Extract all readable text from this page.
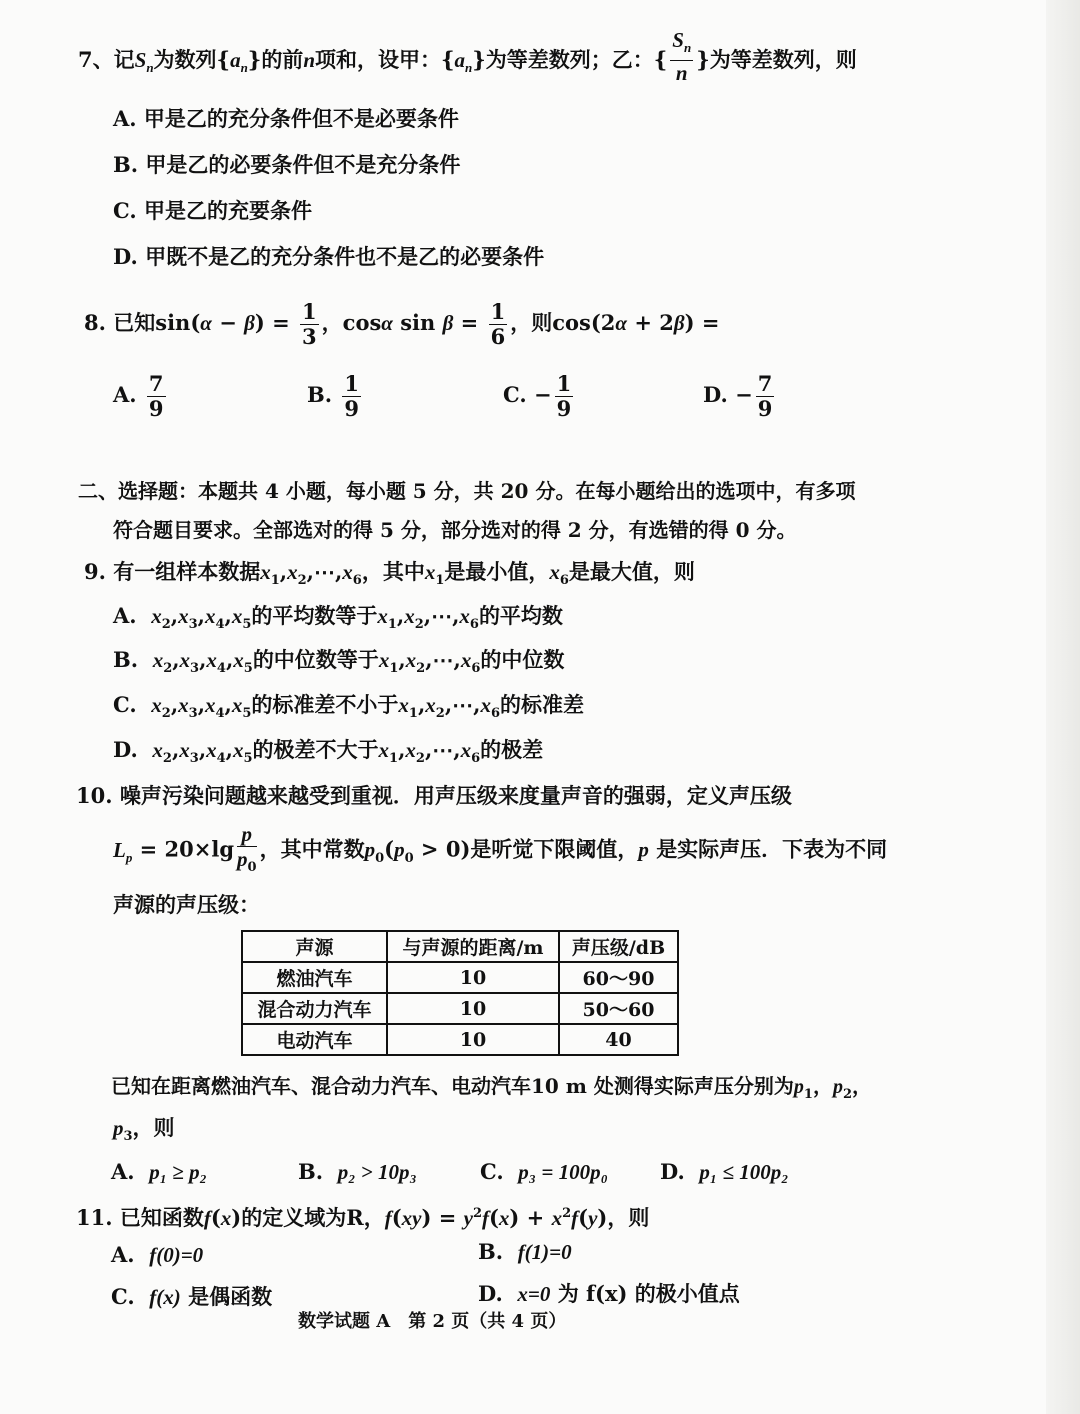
7、记$S_n$为数列$\{a_n\}$的前n项和，设甲：$\{a_n\}$为等差数列；乙：{ $\frac{S_n}{n}$ }为等差数列，则
A. 甲是乙的充分条件但不是必要条件
B. 甲是乙的必要条件但不是充分条件
C. 甲是乙的充要条件
D. 甲既不是乙的充分条件也不是乙的必要条件
8. 已知$\sin(\alpha - \beta) = \frac{1}{3}$ ，cosα $\sin \beta = \frac{1}{6}$ ，则cos(2α + 2β) =
A. $\frac{7}{9}$	B. $\frac{1}{9}$	C. − $\frac{1}{9}$	D. − $\frac{7}{9}$
二、选择题：本题共 4 小题，每小题 5 分，共 20 分。在每小题给出的选项中，有多项
符合题目要求。全部选对的得 5 分，部分选对的得 2 分，有选错的得 0 分。
9. 有一组样本数据$x_1,x_2,\cdots,x_6$，其中$x_1$是最小值，$x_6$是最大值，则
A. $x_2,x_3,x_4,x_5$的平均数等于$x_1,x_2,\cdots,x_6$的平均数
B. $x_2,x_3,x_4,x_5$的中位数等于$x_1,x_2,\cdots,x_6$的中位数
C. $x_2,x_3,x_4,x_5$的标准差不小于$x_1,x_2,\cdots,x_6$的标准差
D. $x_2,x_3,x_4,x_5$的极差不大于$x_1,x_2,\cdots,x_6$的极差
10. 噪声污染问题越来越受到重视．用声压级来度量声音的强弱，定义声压级
$L_p = 20\times\lg \frac{p}{p_0}$ ，其中常数$p_0(p_0 > 0)$是听觉下限阈值，p 是实际声压．下表为不同
声源的声压级：
声源	与声源的距离/m	声压级/dB
燃油汽车	10	60～90
混合动力汽车	10	50～60
电动汽车	10	40
已知在距离燃油汽车、混合动力汽车、电动汽车10 m 处测得实际声压分别为$p_1$，$p_2$，
$p_3$，则
A. p₁ ≥ p₂	B. p₂ > 10p₃	C. p₃ = 100p₀ D. p₁ ≤ 100p₂
11. 已知函数f(x)的定义域为R，$f(xy) = y^2f(x) + x^2f(y)$，则
A. f(0)=0	B. f(1)=0
C. f(x) 是偶函数	D. x=0 为 f(x) 的极小值点
数学试题 A　第 2 页（共 4 页）
